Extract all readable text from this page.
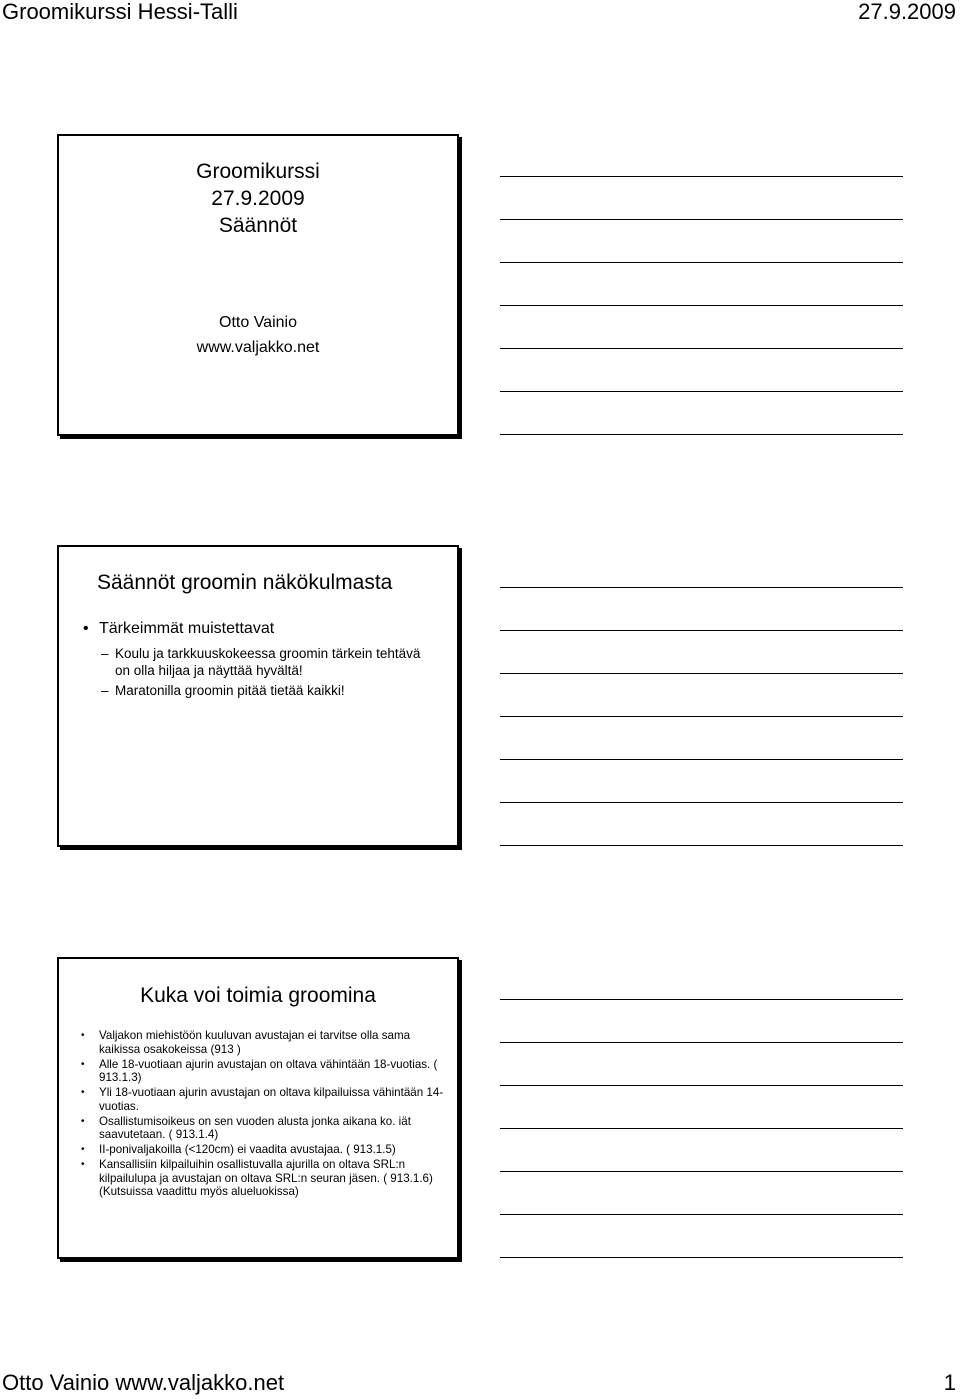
Groomikurssi Hessi-Talli	27.9.2009
Groomikurssi
27.9.2009
Säännöt
Otto Vainio
www.valjakko.net
Säännöt groomin näkökulmasta
• Tärkeimmät muistettavat
– Koulu ja tarkkuuskokeessa groomin tärkein tehtävä on olla hiljaa ja näyttää hyvältä!
– Maratonilla groomin pitää tietää kaikki!
Kuka voi toimia groomina
• Valjakon miehistöön kuuluvan avustajan ei tarvitse olla sama kaikissa osakokeissa (913 )
• Alle 18-vuotiaan ajurin avustajan on oltava vähintään 18-vuotias. ( 913.1.3)
• Yli 18-vuotiaan ajurin avustajan on oltava kilpailuissa vähintään 14-vuotias.
• Osallistumisoikeus on sen vuoden alusta jonka aikana ko. iät saavutetaan. ( 913.1.4)
• II-ponivaljakoilla (<120cm) ei vaadita avustajaa. ( 913.1.5)
• Kansallisiin kilpailuihin osallistuvalla ajurilla on oltava SRL:n kilpailulupa ja avustajan on oltava SRL:n seuran jäsen. ( 913.1.6) (Kutsuissa vaadittu myös alueluokissa)
Otto Vainio www.valjakko.net	1
